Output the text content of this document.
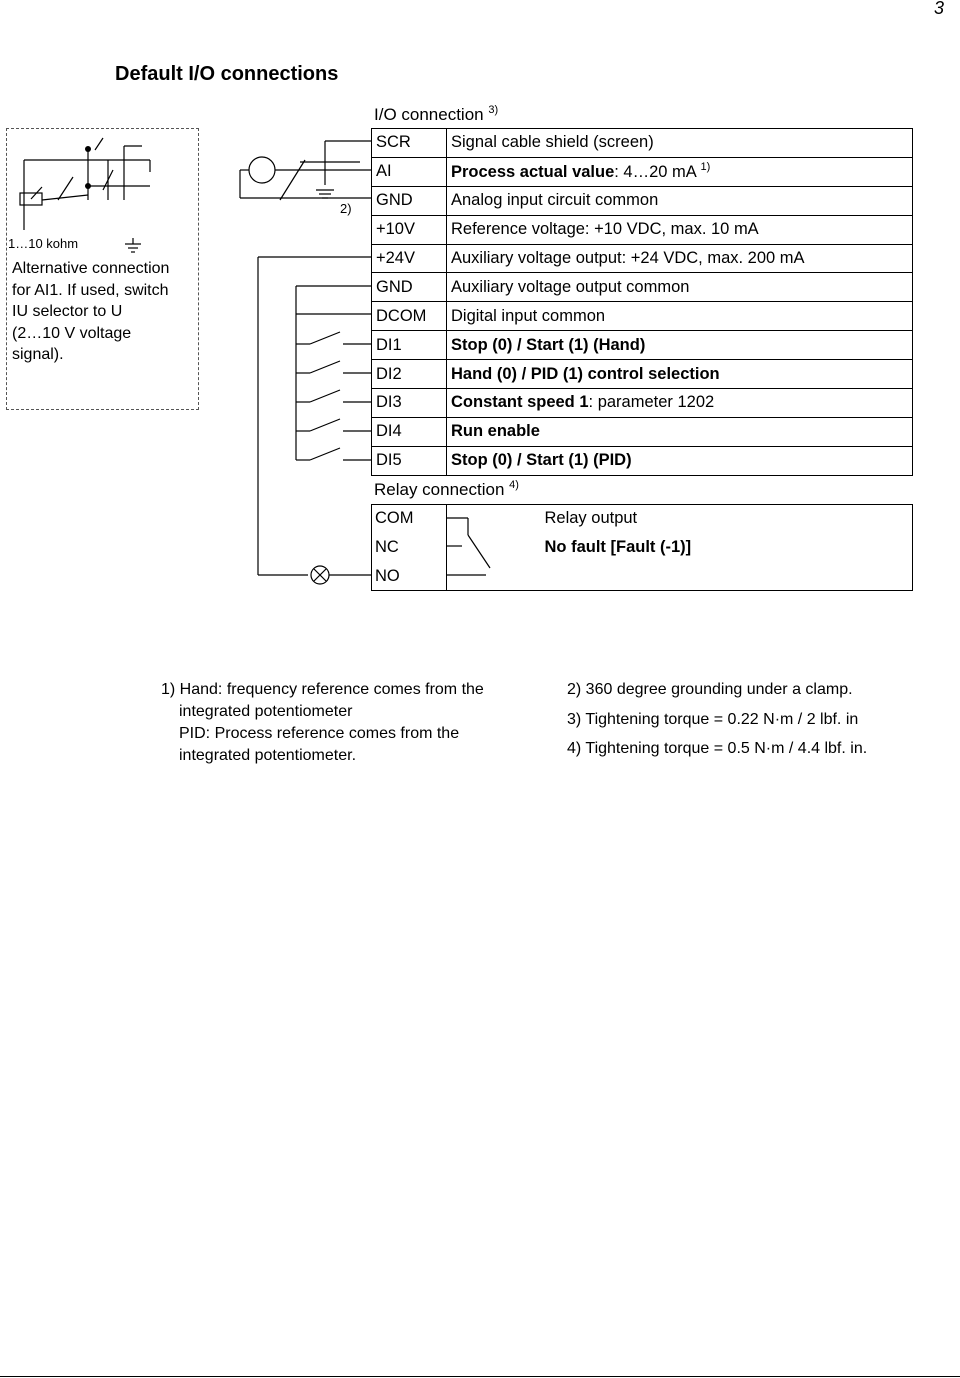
3
Default I/O connections
1…10 kohm
Alternative connection
for AI1. If used, switch
IU selector to U
(2…10 V voltage
signal).
2)
I/O connection $^{3)}$
SCR	Signal cable shield (screen)
AI	Process actual value: 4…20 mA $^{1)}$
GND	Analog input circuit common
+10V	Reference voltage: +10 VDC, max. 10 mA
+24V	Auxiliary voltage output: +24 VDC, max. 200 mA
GND	Auxiliary voltage output common
DCOM	Digital input common
DI1	Stop (0) / Start (1) (Hand)
DI2	Hand (0) / PID (1) control selection
DI3	Constant speed 1: parameter 1202
DI4	Run enable
DI5	Stop (0) / Start (1) (PID)
Relay connection $^{4)}$
COM	Relay output
NC	No fault [Fault (-1)]
NO	
1) Hand: frequency reference comes from the
integrated potentiometer
PID: Process reference comes from the
integrated potentiometer.
2) 360 degree grounding under a clamp.
3) Tightening torque = 0.22 N·m / 2 lbf. in
4) Tightening torque = 0.5 N·m / 4.4 lbf. in.
